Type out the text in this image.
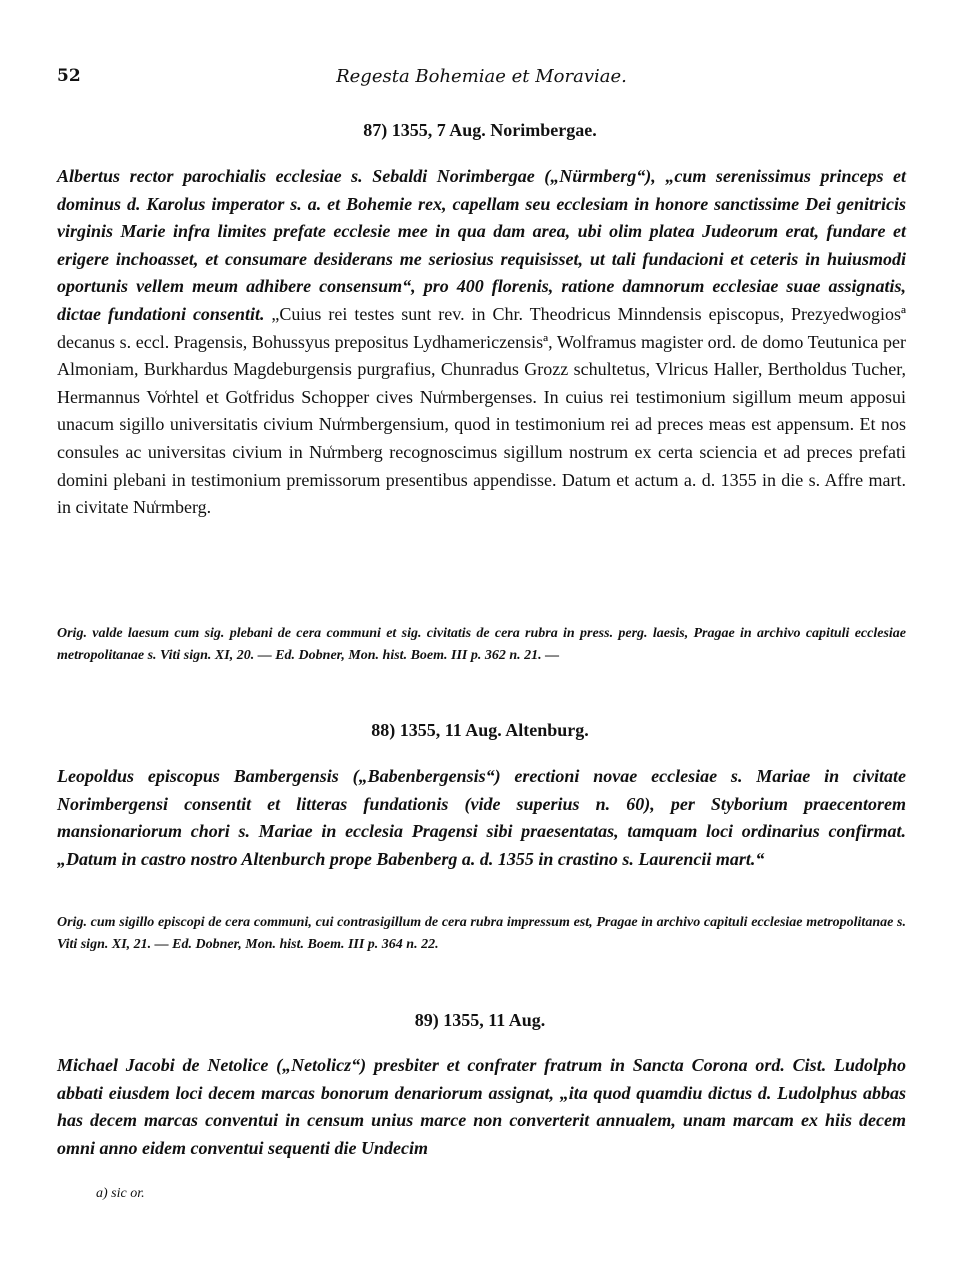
52	Regesta Bohemiae et Moraviae.
87) 1355, 7 Aug. Norimbergae.

Albertus rector parochialis ecclesiae s. Sebaldi Norimbergae („Nürmberg“), „cum serenissimus princeps et dominus d. Karolus imperator s. a. et Bohemie rex, capellam seu ecclesiam in honore sanctissime Dei genitricis virginis Marie infra limites prefate ecclesie mee in qua dam area, ubi olim platea Judeorum erat, fundare et erigere inchoasset, et consumare desiderans me seriosius requisisset, ut tali fundacioni et ceteris in huiusmodi oportunis vellem meum adhibere consensum“, pro 400 florenis, ratione damnorum ecclesiae suae assignatis, dictae fundationi consentit. „Cuius rei testes sunt rev. in Chr. Theodricus Minndensis episcopus, Prezyedwogiosª decanus s. eccl. Pragensis, Bohussyus prepositus Lydhamericzensisª, Wolframus magister ord. de domo Teutunica per Almoniam, Burkhardus Magdeburgensis purgrafius, Chunradus Grozz schultetus, Vlricus Haller, Bertholdus Tucher, Hermannus Vo͑rhtel et Go͑tfridus Schopper cives Nu͑rmbergenses. In cuius rei testimonium sigillum meum apposui unacum sigillo universitatis civium Nu͑rmbergensium, quod in testimonium rei ad preces meas est appensum. Et nos consules ac universitas civium in Nu͑rmberg recognoscimus sigillum nostrum ex certa sciencia et ad preces prefati domini plebani in testimonium premissorum presentibus appendisse. Datum et actum a. d. 1355 in die s. Affre mart. in civitate Nu͑rmberg.

Orig. valde laesum cum sig. plebani de cera communi et sig. civitatis de cera rubra in press. perg. laesis, Pragae in archivo capituli ecclesiae metropolitanae s. Viti sign. XI, 20. — Ed. Dobner, Mon. hist. Boem. III p. 362 n. 21. —

88) 1355, 11 Aug. Altenburg.

Leopoldus episcopus Bambergensis („Babenbergensis“) erectioni novae ecclesiae s. Mariae in civitate Norimbergensi consentit et litteras fundationis (vide superius n. 60), per Styborium praecentorem mansionariorum chori s. Mariae in ecclesia Pragensi sibi praesentatas, tamquam loci ordinarius confirmat. „Datum in castro nostro Altenburch prope Babenberg a. d. 1355 in crastino s. Laurencii mart.“

Orig. cum sigillo episcopi de cera communi, cui contrasigillum de cera rubra impressum est, Pragae in archivo capituli ecclesiae metropolitanae s. Viti sign. XI, 21. — Ed. Dobner, Mon. hist. Boem. III p. 364 n. 22.

89) 1355, 11 Aug.

Michael Jacobi de Netolice („Netolicz“) presbiter et confrater fratrum in Sancta Corona ord. Cist. Ludolpho abbati eiusdem loci decem marcas bonorum denariorum assignat, „ita quod quamdiu dictus d. Ludolphus abbas has decem marcas conventui in censum unius marce non converterit annualem, unam marcam ex hiis decem omni anno eidem conventui sequenti die Undecim

a) sic or.
